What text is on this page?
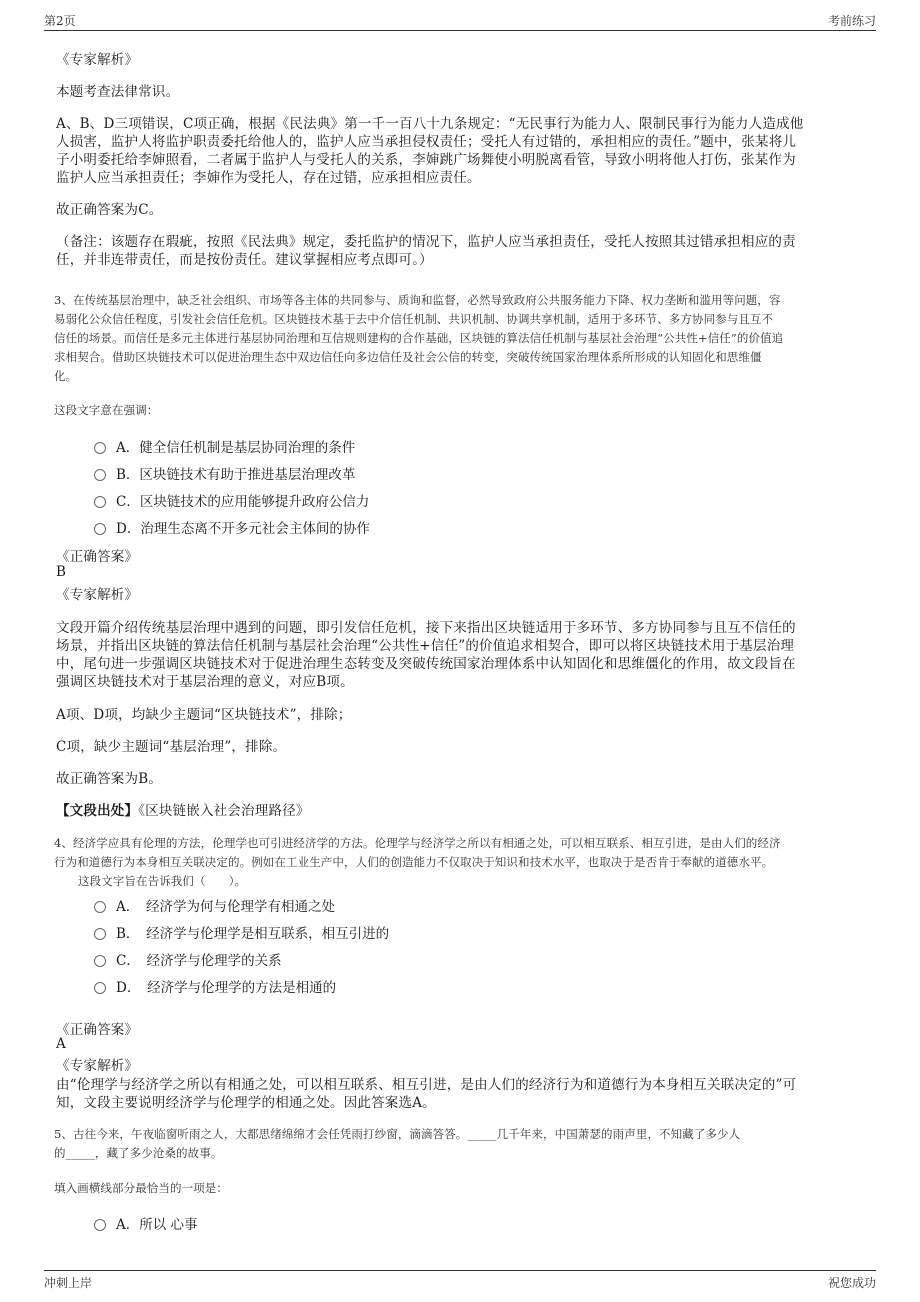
第2页	考前练习
《专家解析》
本题考查法律常识。
A、B、D三项错误，C项正确，根据《民法典》第一千一百八十九条规定：“无民事行为能力人、限制民事行为能力人造成他
人损害，监护人将监护职责委托给他人的，监护人应当承担侵权责任；受托人有过错的，承担相应的责任。”题中，张某将儿
子小明委托给李婶照看，二者属于监护人与受托人的关系，李婶跳广场舞使小明脱离看管，导致小明将他人打伤，张某作为
监护人应当承担责任；李婶作为受托人，存在过错，应承担相应责任。
故正确答案为C。
（备注：该题存在瑕疵，按照《民法典》规定，委托监护的情况下，监护人应当承担责任，受托人按照其过错承担相应的责
任，并非连带责任，而是按份责任。建议掌握相应考点即可。）
3、在传统基层治理中，缺乏社会组织、市场等各主体的共同参与、质询和监督，必然导致政府公共服务能力下降、权力垄断和滥用等问题，容
易弱化公众信任程度，引发社会信任危机。区块链技术基于去中介信任机制、共识机制、协调共享机制，适用于多环节、多方协同参与且互不
信任的场景。而信任是多元主体进行基层协同治理和互信规则建构的合作基础，区块链的算法信任机制与基层社会治理“公共性+信任”的价值追
求相契合。借助区块链技术可以促进治理生态中双边信任向多边信任及社会公信的转变，突破传统国家治理体系所形成的认知固化和思维僵
化。
这段文字意在强调：
A．健全信任机制是基层协同治理的条件
B．区块链技术有助于推进基层治理改革
C．区块链技术的应用能够提升政府公信力
D．治理生态离不开多元社会主体间的协作
《正确答案》
B
《专家解析》
文段开篇介绍传统基层治理中遇到的问题，即引发信任危机，接下来指出区块链适用于多环节、多方协同参与且互不信任的
场景，并指出区块链的算法信任机制与基层社会治理“公共性+信任”的价值追求相契合，即可以将区块链技术用于基层治理
中，尾句进一步强调区块链技术对于促进治理生态转变及突破传统国家治理体系中认知固化和思维僵化的作用，故文段旨在
强调区块链技术对于基层治理的意义，对应B项。
A项、D项，均缺少主题词“区块链技术”，排除；
C项，缺少主题词“基层治理”，排除。
故正确答案为B。
【文段出处】《区块链嵌入社会治理路径》
4、经济学应具有伦理的方法，伦理学也可引进经济学的方法。伦理学与经济学之所以有相通之处，可以相互联系、相互引进，是由人们的经济
行为和道德行为本身相互关联决定的。例如在工业生产中，人们的创造能力不仅取决于知识和技术水平，也取决于是否肯于奉献的道德水平。
这段文字旨在告诉我们（　　）。
A．　经济学为何与伦理学有相通之处
B．　经济学与伦理学是相互联系，相互引进的
C．　经济学与伦理学的关系
D．　经济学与伦理学的方法是相通的
《正确答案》
A
《专家解析》
由“伦理学与经济学之所以有相通之处，可以相互联系、相互引进，是由人们的经济行为和道德行为本身相互关联决定的”可
知，文段主要说明经济学与伦理学的相通之处。因此答案选A。
5、古往今来，午夜临窗听雨之人，大都思绪绵绵才会任凭雨打纱窗，滴滴答答。_____几千年来，中国萧瑟的雨声里，不知藏了多少人
的_____，藏了多少沧桑的故事。
填入画横线部分最恰当的一项是：
A．所以 心事
冲刺上岸	祝您成功
